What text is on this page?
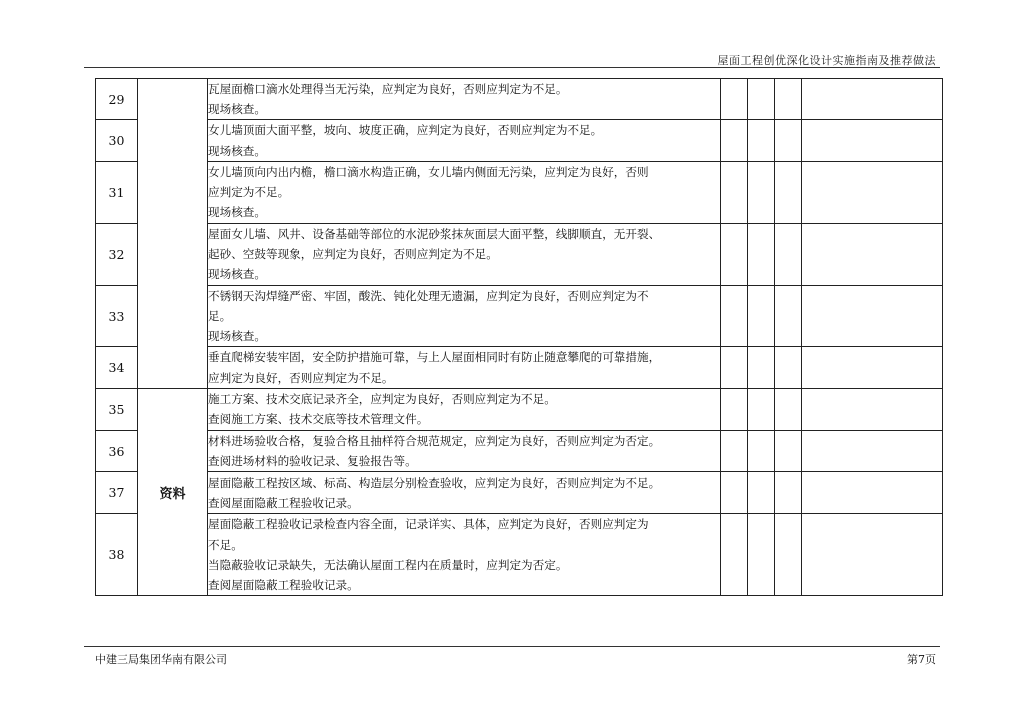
屋面工程创优深化设计实施指南及推荐做法
29		瓦屋面檐口滴水处理得当无污染，应判定为良好，否则应判定为不足。
现场核查。				

30		女儿墙顶面大面平整，坡向、坡度正确，应判定为良好，否则应判定为不足。
现场核查。				

31		女儿墙顶向内出内檐，檐口滴水构造正确，女儿墙内侧面无污染，应判定为良好，否则
应判定为不足。
现场核查。				

32		屋面女儿墙、风井、设备基础等部位的水泥砂浆抹灰面层大面平整，线脚顺直，无开裂、
起砂、空鼓等现象，应判定为良好，否则应判定为不足。
现场核查。				

33		不锈钢天沟焊缝严密、牢固，酸洗、钝化处理无遗漏，应判定为良好，否则应判定为不
足。
现场核查。				

34		垂直爬梯安装牢固，安全防护措施可靠，与上人屋面相同时有防止随意攀爬的可靠措施，
应判定为良好，否则应判定为不足。				

35	资料	施工方案、技术交底记录齐全，应判定为良好，否则应判定为不足。
查阅施工方案、技术交底等技术管理文件。				

36		材料进场验收合格，复验合格且抽样符合规范规定，应判定为良好，否则应判定为否定。
查阅进场材料的验收记录、复验报告等。				

37		屋面隐蔽工程按区域、标高、构造层分别检查验收，应判定为良好，否则应判定为不足。
查阅屋面隐蔽工程验收记录。				

38		屋面隐蔽工程验收记录检查内容全面，记录详实、具体，应判定为良好，否则应判定为
不足。
当隐蔽验收记录缺失，无法确认屋面工程内在质量时，应判定为否定。
查阅屋面隐蔽工程验收记录。				

中建三局集团华南有限公司	第7页
